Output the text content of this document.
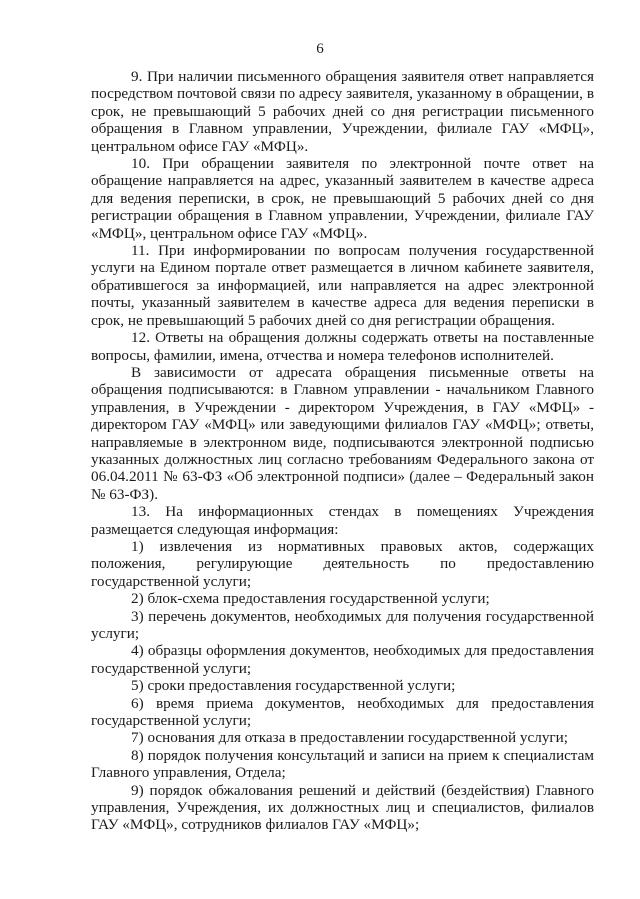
6

9. При наличии письменного обращения заявителя ответ направляется посредством почтовой связи по адресу заявителя, указанному в обращении, в срок, не превышающий 5 рабочих дней со дня регистрации письменного обращения в Главном управлении, Учреждении, филиале ГАУ «МФЦ», центральном офисе ГАУ «МФЦ».

10. При обращении заявителя по электронной почте ответ на обращение направляется на адрес, указанный заявителем в качестве адреса для ведения переписки, в срок, не превышающий 5 рабочих дней со дня регистрации обращения в Главном управлении, Учреждении, филиале ГАУ «МФЦ», центральном офисе ГАУ «МФЦ».

11. При информировании по вопросам получения государственной услуги на Едином портале ответ размещается в личном кабинете заявителя, обратившегося за информацией, или направляется на адрес электронной почты, указанный заявителем в качестве адреса для ведения переписки в срок, не превышающий 5 рабочих дней со дня регистрации обращения.

12. Ответы на обращения должны содержать ответы на поставленные вопросы, фамилии, имена, отчества и номера телефонов исполнителей.

В зависимости от адресата обращения письменные ответы на обращения подписываются: в Главном управлении - начальником Главного управления, в Учреждении - директором Учреждения, в ГАУ «МФЦ» - директором ГАУ «МФЦ» или заведующими филиалов ГАУ «МФЦ»; ответы, направляемые в электронном виде, подписываются электронной подписью указанных должностных лиц согласно требованиям Федерального закона от 06.04.2011 № 63-ФЗ «Об электронной подписи» (далее – Федеральный закон № 63-ФЗ).

13. На информационных стендах в помещениях Учреждения размещается следующая информация:

1) извлечения из нормативных правовых актов, содержащих положения, регулирующие деятельность по предоставлению государственной услуги;

2) блок-схема предоставления государственной услуги;

3) перечень документов, необходимых для получения государственной услуги;

4) образцы оформления документов, необходимых для предоставления государственной услуги;

5) сроки предоставления государственной услуги;

6) время приема документов, необходимых для предоставления государственной услуги;

7) основания для отказа в предоставлении государственной услуги;

8) порядок получения консультаций и записи на прием к специалистам Главного управления, Отдела;

9) порядок обжалования решений и действий (бездействия) Главного управления, Учреждения, их должностных лиц и специалистов, филиалов ГАУ «МФЦ», сотрудников филиалов ГАУ «МФЦ»;
